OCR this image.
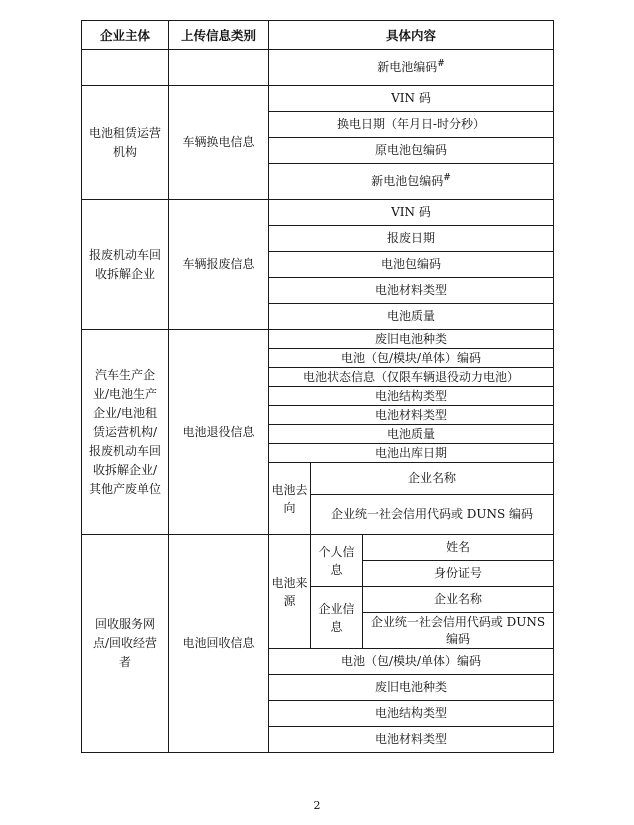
企业主体	上传信息类别	具体内容		
		新电池编码#
电池租赁运营机构	车辆换电信息	VIN 码		
		换电日期（年月日-时分秒）		
		原电池包编码		
		新电池包编码#
报废机动车回收拆解企业	车辆报废信息	VIN 码		
		报废日期		
		电池包编码		
		电池材料类型		
		电池质量		
汽车生产企业/电池生产企业/电池租赁运营机构/报废机动车回收拆解企业/其他产废单位	电池退役信息	废旧电池种类		
		电池（包/模块/单体）编码		
		电池状态信息（仅限车辆退役动力电池）		
		电池结构类型		
		电池材料类型		
		电池质量		
		电池出库日期		
		电池去向	企业名称	
			企业统一社会信用代码或 DUNS 编码	
回收服务网点/回收经营者	电池回收信息	电池来源	个人信息	姓名
				身份证号
			企业信息	企业名称
				企业统一社会信用代码或 DUNS 编码
		电池（包/模块/单体）编码		
		废旧电池种类		
		电池结构类型		
		电池材料类型		
2
